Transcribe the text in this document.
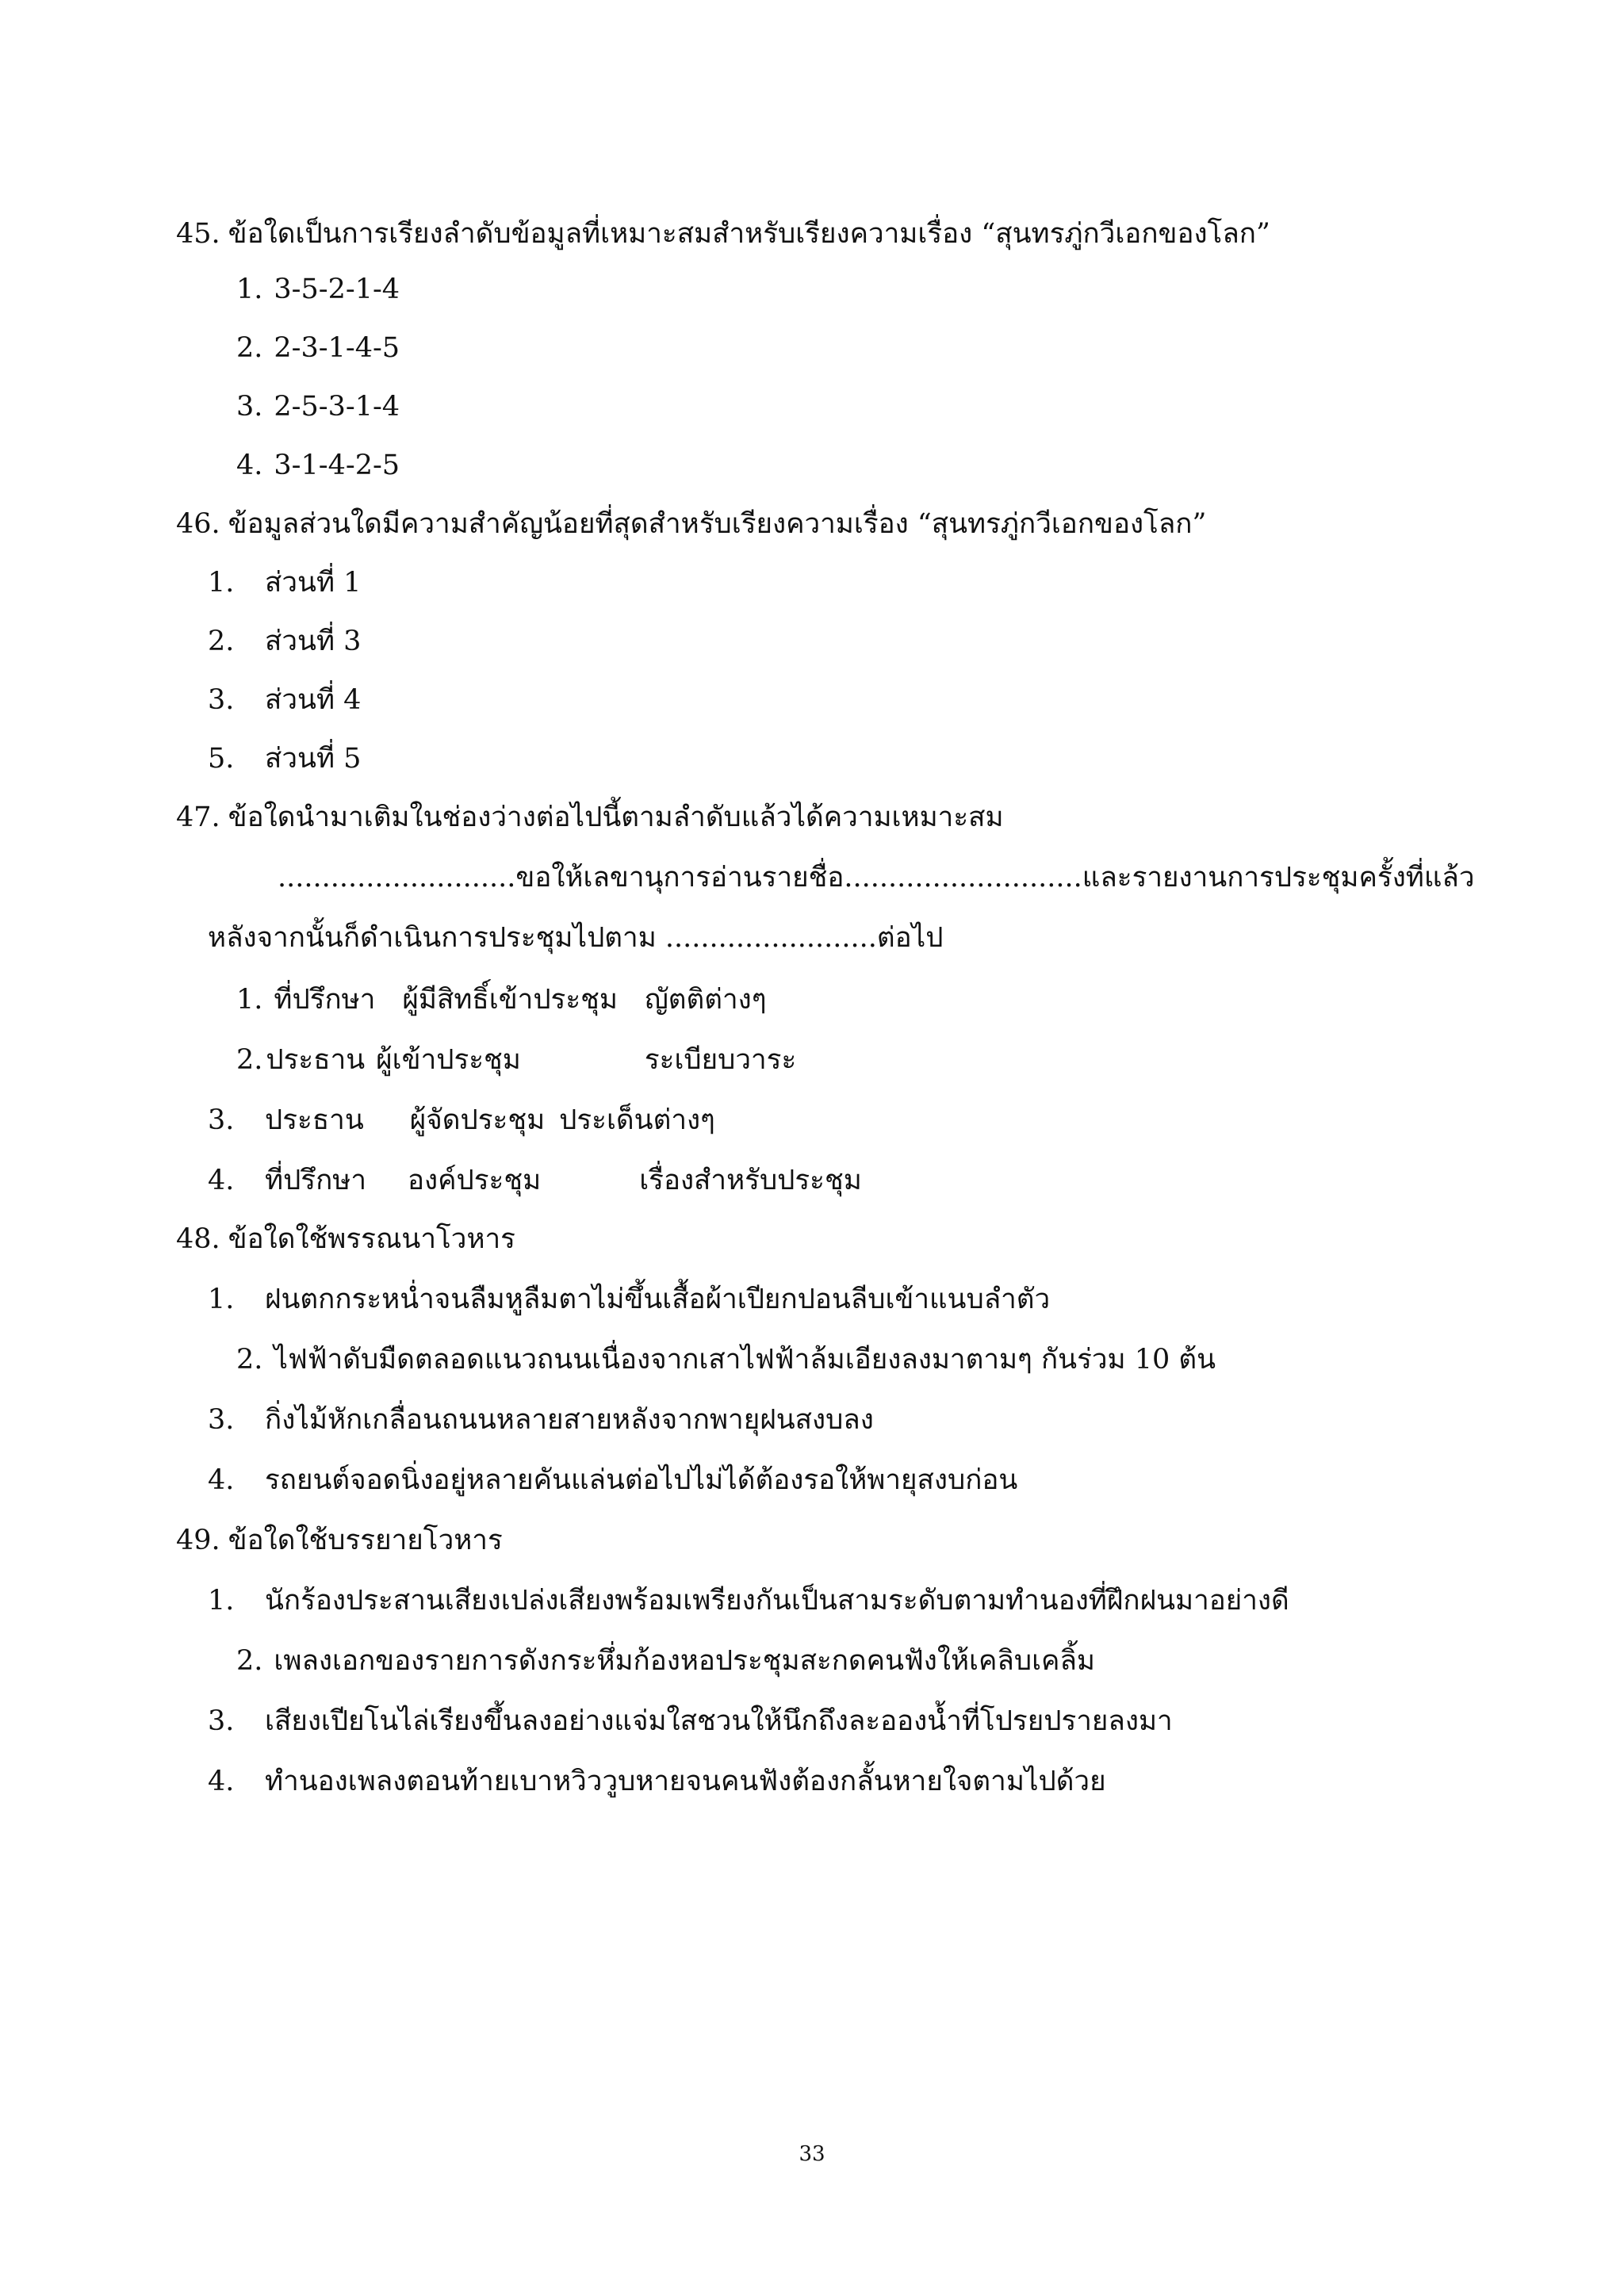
45. ข้อใดเป็นการเรียงลำดับข้อมูลที่เหมาะสมสำหรับเรียงความเรื่อง “สุนทรภู่กวีเอกของโลก”
1. 3-5-2-1-4
2. 2-3-1-4-5
3. 2-5-3-1-4
4. 3-1-4-2-5
46. ข้อมูลส่วนใดมีความสำคัญน้อยที่สุดสำหรับเรียงความเรื่อง “สุนทรภู่กวีเอกของโลก”
1. ส่วนที่ 1
2. ส่วนที่ 3
3. ส่วนที่ 4
5. ส่วนที่ 5
47. ข้อใดนำมาเติมในช่องว่างต่อไปนี้ตามลำดับแล้วได้ความเหมาะสม
...........................ขอให้เลขานุการอ่านรายชื่อ...........................และรายงานการประชุมครั้งที่แล้ว
หลังจากนั้นก็ดำเนินการประชุมไปตาม ........................ต่อไป
1. ที่ปรึกษา ผู้มีสิทธิ์เข้าประชุม ญัตติต่างๆ
2. ประธาน ผู้เข้าประชุม	ระเบียบวาระ
3. ประธาน ผู้จัดประชุม ประเด็นต่างๆ
4. ที่ปรึกษา องค์ประชุม	เรื่องสำหรับประชุม
48. ข้อใดใช้พรรณนาโวหาร
1. ฝนตกกระหน่ำจนลืมหูลืมตาไม่ขึ้นเสื้อผ้าเปียกปอนลีบเข้าแนบลำตัว
2. ไฟฟ้าดับมืดตลอดแนวถนนเนื่องจากเสาไฟฟ้าล้มเอียงลงมาตามๆ กันร่วม 10 ต้น
3. กิ่งไม้หักเกลื่อนถนนหลายสายหลังจากพายุฝนสงบลง
4. รถยนต์จอดนิ่งอยู่หลายคันแล่นต่อไปไม่ได้ต้องรอให้พายุสงบก่อน
49. ข้อใดใช้บรรยายโวหาร
1. นักร้องประสานเสียงเปล่งเสียงพร้อมเพรียงกันเป็นสามระดับตามทำนองที่ฝึกฝนมาอย่างดี
2. เพลงเอกของรายการดังกระหึ่มก้องหอประชุมสะกดคนฟังให้เคลิบเคลิ้ม
3. เสียงเปียโนไล่เรียงขึ้นลงอย่างแจ่มใสชวนให้นึกถึงละอองน้ำที่โปรยปรายลงมา
4. ทำนองเพลงตอนท้ายเบาหวิววูบหายจนคนฟังต้องกลั้นหายใจตามไปด้วย
33
